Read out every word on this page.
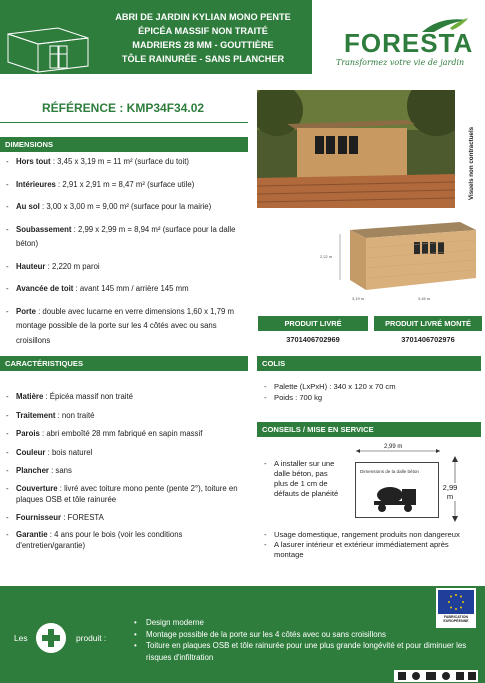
ABRI DE JARDIN KYLIAN MONO PENTE
ÉPICÉA MASSIF NON TRAITÉ
MADRIERS 28 MM - GOUTTIÈRE
TÔLE RAINURÉE - SANS PLANCHER
FORESTA
Transformez votre vie de jardin
RÉFÉRENCE : KMP34F34.02
Visuels non contractuels
2,22 m
3,19 m	3,45 m
DIMENSIONS
- Hors tout : 3,45 x 3,19 m = 11 m² (surface du toit)
- Intérieures : 2,91 x 2,91 m = 8,47 m² (surface utile)
- Au sol : 3,00 x 3,00 m = 9,00 m² (surface pour la mairie)
- Soubassement : 2,99 x 2,99 m = 8,94 m² (surface pour la dalle béton)
- Hauteur : 2,220 m paroi
- Avancée de toit : avant 145 mm / arrière 145 mm
- Porte : double avec lucarne en verre dimensions 1,60 x 1,79 m montage possible de la porte sur les 4 côtés avec ou sans croisillons
PRODUIT LIVRÉ
3701406702969
PRODUIT LIVRÉ MONTÉ
3701406702976
CARACTÉRISTIQUES
- Matière : Épicéa massif non traité
- Traitement : non traité
- Parois : abri emboîté 28 mm fabriqué en sapin massif
- Couleur : bois naturel
- Plancher : sans
- Couverture : livré avec toiture mono pente (pente 2°), toiture en plaques OSB et tôle rainurée
- Fournisseur : FORESTA
- Garantie : 4 ans pour le bois (voir les conditions d'entretien/garantie)
COLIS
- Palette (LxPxH) : 340 x 120 x 70 cm
- Poids : 700 kg
CONSEILS / MISE EN SERVICE
- A installer sur une dalle béton, pas plus de 1 cm de défauts de planéité
2,99 m
Dimensions de la dalle béton
2,99 m
- Usage domestique, rangement produits non dangereux
- A lasurer intérieur et extérieur immédiatement après montage
Les	produit :
• Design moderne
• Montage possible de la porte sur les 4 côtés avec ou sans croisillons
• Toiture en plaques OSB et tôle rainurée pour une plus grande longévité et pour diminuer les risques d'infiltration
FABRICATION EUROPÉENNE
